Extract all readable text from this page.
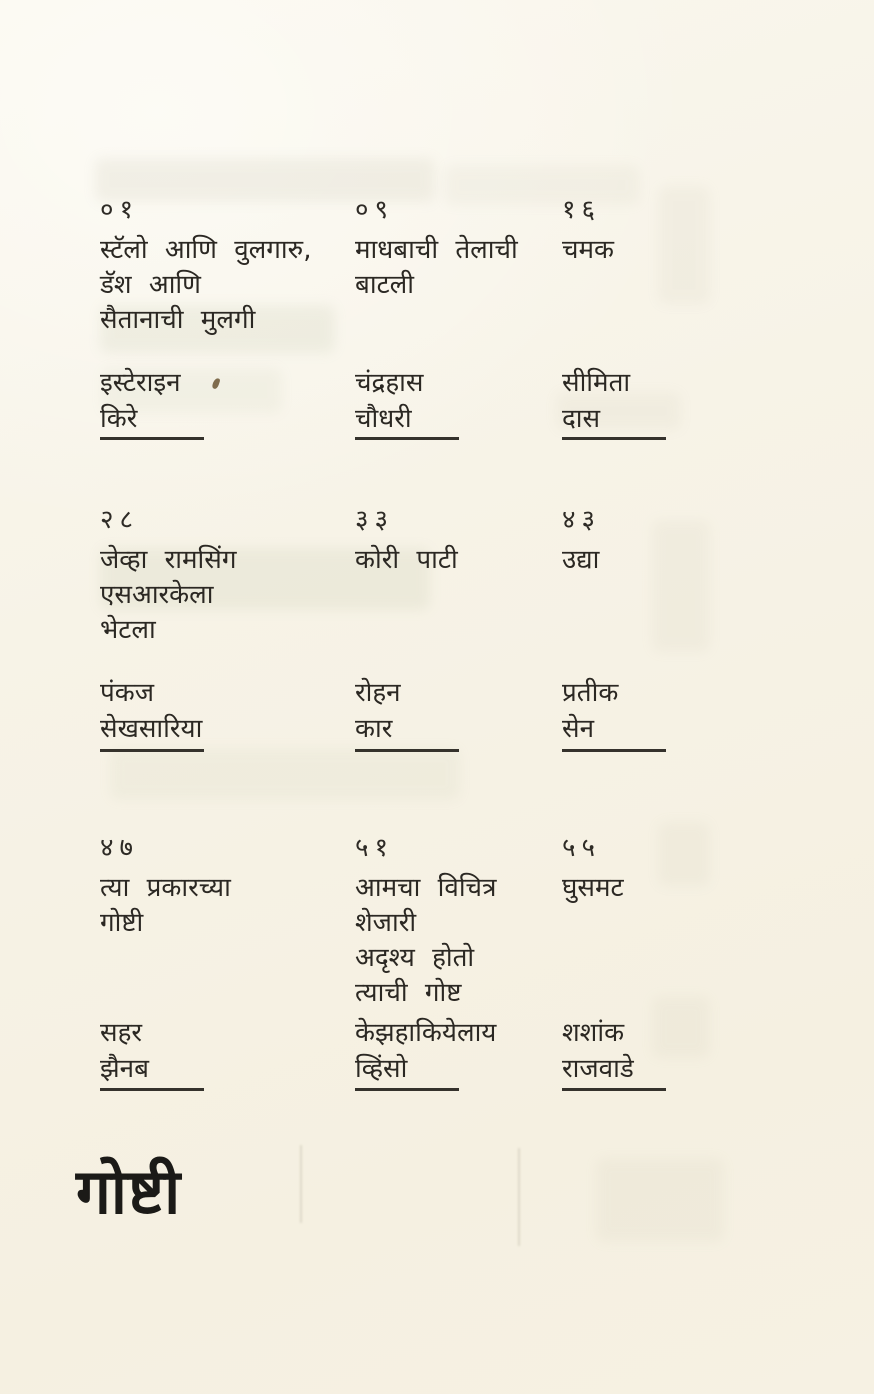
०१
स्टॅलो आणि वुलगारु,
डॅश आणि
सैतानाची मुलगी
इस्टेराइन
किरे
०९
माधबाची तेलाची
बाटली
चंद्रहास
चौधरी
१६
चमक
सीमिता
दास
२८
जेव्हा रामसिंग
एसआरकेला
भेटला
पंकज
सेखसारिया
३३
कोरी पाटी
रोहन
कार
४३
उद्या
प्रतीक
सेन
४७
त्या प्रकारच्या
गोष्टी
सहर
झैनब
५१
आमचा विचित्र
शेजारी
अदृश्य होतो
त्याची गोष्ट
केझहाकियेलाय
व्हिंसो
५५
घुसमट
शशांक
राजवाडे
गोष्टी
